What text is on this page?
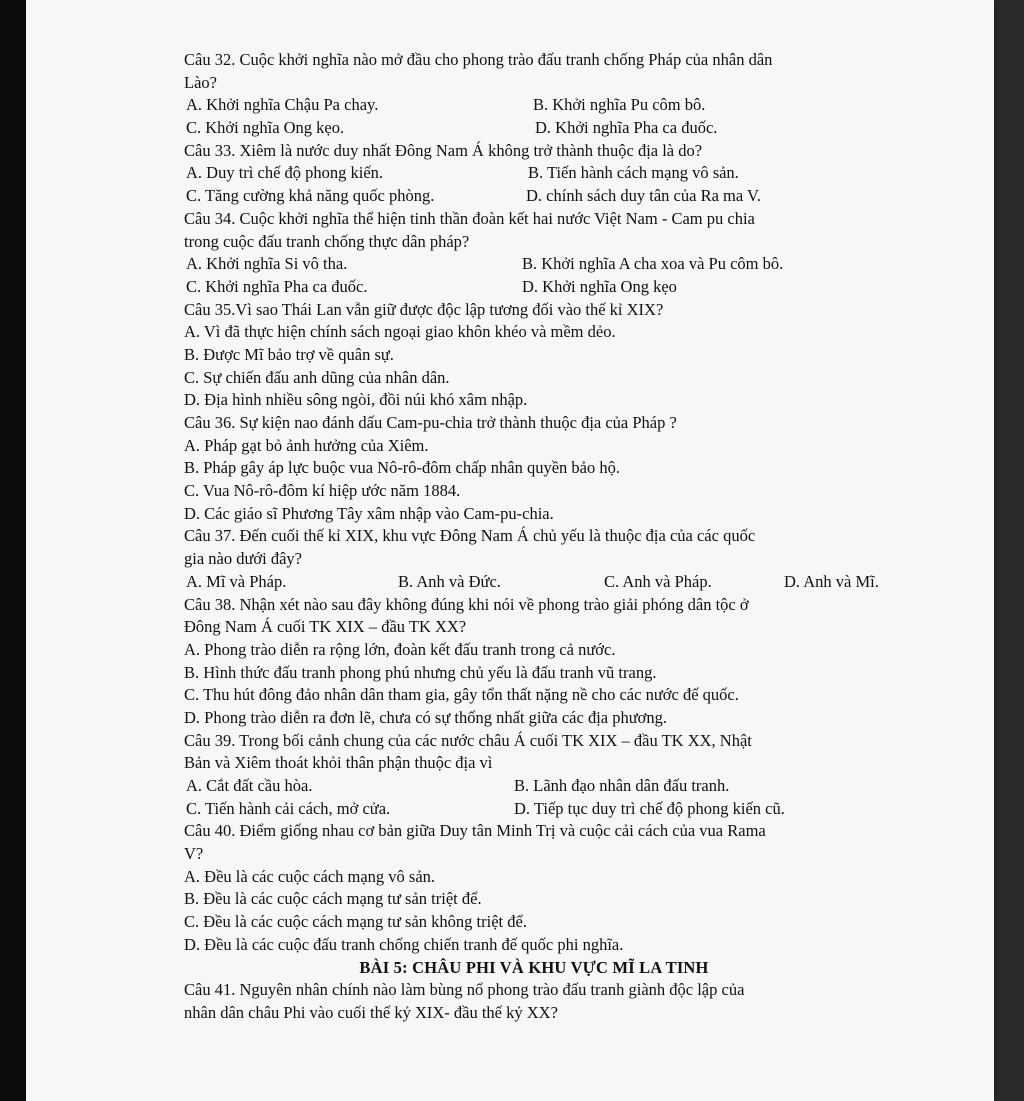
Câu 32. Cuộc khởi nghĩa nào mở đầu cho phong trào đấu tranh chống Pháp của nhân dân
Lào?
A. Khởi nghĩa Chậu Pa chay.	B. Khởi nghĩa Pu côm bô.
C. Khởi nghĩa Ong kẹo.	D. Khởi nghĩa Pha ca đuốc.
Câu 33. Xiêm là nước duy nhất Đông Nam Á không trở thành thuộc địa là do?
A. Duy trì chế độ phong kiến.	B. Tiến hành cách mạng vô sản.
C. Tăng cường khả năng quốc phòng.	D. chính sách duy tân của Ra ma V.
Câu 34. Cuộc khởi nghĩa thể hiện tinh thần đoàn kết hai nước Việt Nam - Cam pu chia
trong cuộc đấu tranh chống thực dân pháp?
A. Khởi nghĩa Si vô tha.	B. Khởi nghĩa A cha xoa và Pu côm bô.
C. Khởi nghĩa Pha ca đuốc.	D. Khởi nghĩa Ong kẹo
Câu 35.Vì sao Thái Lan vẫn giữ được độc lập tương đối vào thế kỉ XIX?
A. Vì đã thực hiện chính sách ngoại giao khôn khéo và mềm dẻo.
B. Được Mĩ bảo trợ về quân sự.
C. Sự chiến đấu anh dũng của nhân dân.
D. Địa hình nhiều sông ngòi, đồi núi khó xâm nhập.
Câu 36. Sự kiện nao đánh dấu Cam-pu-chia trở thành thuộc địa của Pháp ?
A. Pháp gạt bỏ ảnh hưởng của Xiêm.
B. Pháp gây áp lực buộc vua Nô-rô-đôm chấp nhân quyền bảo hộ.
C. Vua Nô-rô-đôm kí hiệp ước năm 1884.
D. Các giáo sĩ Phương Tây xâm nhập vào Cam-pu-chia.
Câu 37. Đến cuối thế kỉ XIX, khu vực Đông Nam Á chủ yếu là thuộc địa của các quốc
gia nào dưới đây?
A. Mĩ và Pháp.	B. Anh và Đức.	C. Anh và Pháp.	D. Anh và Mĩ.
Câu 38. Nhận xét nào sau đây không đúng khi nói về phong trào giải phóng dân tộc ở
Đông Nam Á cuối TK XIX – đầu TK XX?
A. Phong trào diễn ra rộng lớn, đoàn kết đấu tranh trong cả nước.
B. Hình thức đấu tranh phong phú nhưng chủ yếu là đấu tranh vũ trang.
C. Thu hút đông đảo nhân dân tham gia, gây tổn thất nặng nề cho các nước đế quốc.
D. Phong trào diễn ra đơn lẽ, chưa có sự thống nhất giữa các địa phương.
Câu 39. Trong bối cảnh chung của các nước châu Á cuối TK XIX – đầu TK XX, Nhật
Bản và Xiêm thoát khỏi thân phận thuộc địa vì
A. Cắt đất cầu hòa.	B. Lãnh đạo nhân dân đấu tranh.
C. Tiến hành cải cách, mở cửa.	D. Tiếp tục duy trì chế độ phong kiến cũ.
Câu 40. Điểm giống nhau cơ bản giữa Duy tân Minh Trị và cuộc cải cách của vua Rama
V?
A. Đều là các cuộc cách mạng vô sản.
B. Đều là các cuộc cách mạng tư sản triệt để.
C. Đều là các cuộc cách mạng tư sản không triệt để.
D. Đều là các cuộc đấu tranh chống chiến tranh đế quốc phi nghĩa.
BÀI 5: CHÂU PHI VÀ KHU VỰC MĨ LA TINH
Câu 41. Nguyên nhân chính nào làm bùng nổ phong trào đấu tranh giành độc lập của
nhân dân châu Phi vào cuối thế kỷ XIX- đầu thế kỷ XX?
